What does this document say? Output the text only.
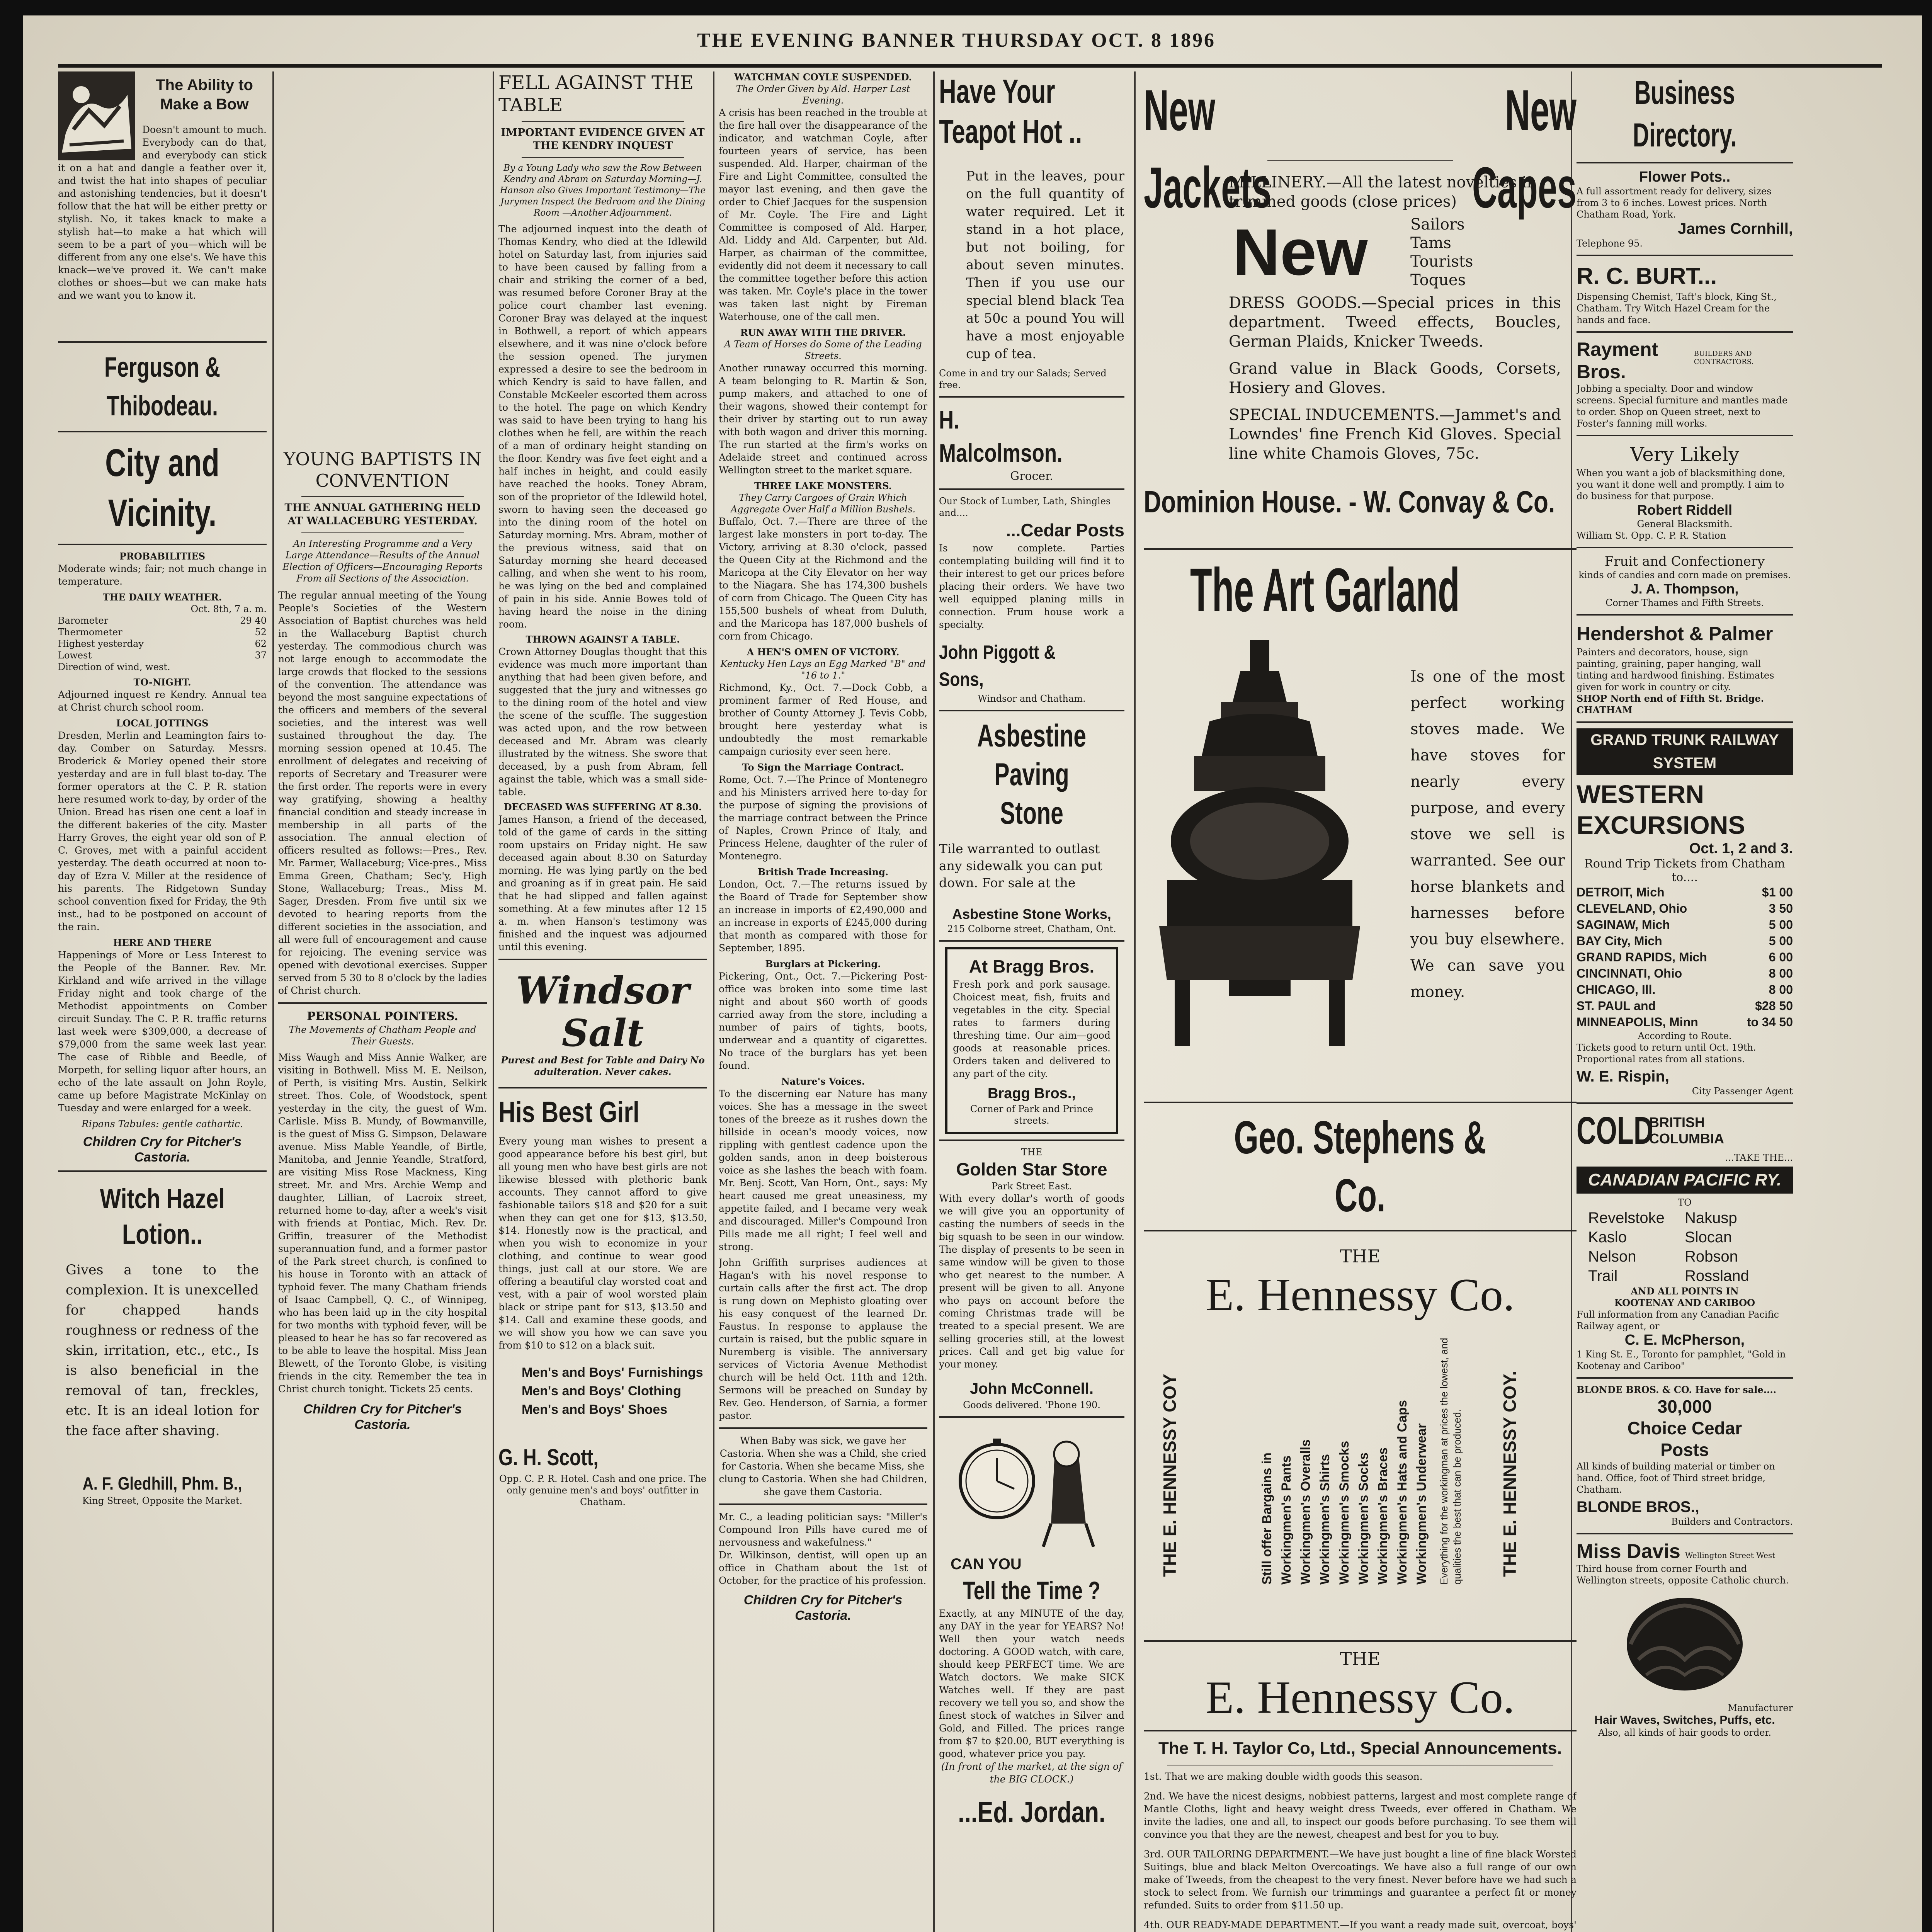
THE EVENING BANNER THURSDAY OCT. 8 1896
The Ability to Make a Bow
Doesn't amount to much. Everybody can do that, and everybody can stick it on a hat and dangle a feather over it, and twist the hat into shapes of peculiar and astonishing tendencies, but it doesn't follow that the hat will be either pretty or stylish. No, it takes knack to make a stylish hat—to make a hat which will seem to be a part of you—which will be different from any one else's. We have this knack—we've proved it. We can't make clothes or shoes—but we can make hats and we want you to know it.
Ferguson & Thibodeau.
City and Vicinity.
PROBABILITIES
Moderate winds; fair; not much change in temperature.
THE DAILY WEATHER.
Oct. 8th, 7 a. m.
Barometer	29 40
Thermometer	52
Highest yesterday	62
Lowest	37
Direction of wind, west.
TO-NIGHT.
Adjourned inquest re Kendry. Annual tea at Christ church school room.
LOCAL JOTTINGS
Dresden, Merlin and Leamington fairs to-day. Comber on Saturday. Messrs. Broderick & Morley opened their store yesterday and are in full blast to-day. The former operators at the C. P. R. station here resumed work to-day, by order of the Union. Bread has risen one cent a loaf in the different bakeries of the city. Master Harry Groves, the eight year old son of P. C. Groves, met with a painful accident yesterday. The death occurred at noon to-day of Ezra V. Miller at the residence of his parents. The Ridgetown Sunday school convention fixed for Friday, the 9th inst., had to be postponed on account of the rain.
HERE AND THERE
Happenings of More or Less Interest to the People of the Banner. Rev. Mr. Kirkland and wife arrived in the village Friday night and took charge of the Methodist appointments on Comber circuit Sunday. The C. P. R. traffic returns last week were $309,000, a decrease of $79,000 from the same week last year. The case of Ribble and Beedle, of Morpeth, for selling liquor after hours, an echo of the late assault on John Royle, came up before Magistrate McKinlay on Tuesday and were enlarged for a week.
Ripans Tabules: gentle cathartic.
Children Cry for Pitcher's Castoria.
Witch Hazel Lotion..
Gives a tone to the complexion. It is unexcelled for chapped hands roughness or redness of the skin, irritation, etc., etc., Is is also beneficial in the removal of tan, freckles, etc. It is an ideal lotion for the face after shaving.
A. F. Gledhill, Phm. B.,
King Street, Opposite the Market.
YOUNG BAPTISTS IN CONVENTION
THE ANNUAL GATHERING HELD AT WALLACEBURG YESTERDAY.
An Interesting Programme and a Very Large Attendance—Results of the Annual Election of Officers—Encouraging Reports From all Sections of the Association.
The regular annual meeting of the Young People's Societies of the Western Association of Baptist churches was held in the Wallaceburg Baptist church yesterday. The commodious church was not large enough to accommodate the large crowds that flocked to the sessions of the convention. The attendance was beyond the most sanguine expectations of the officers and members of the several societies, and the interest was well sustained throughout the day. The morning session opened at 10.45. The enrollment of delegates and receiving of reports of Secretary and Treasurer were the first order. The reports were in every way gratifying, showing a healthy financial condition and steady increase in membership in all parts of the association. The annual election of officers resulted as follows:—Pres., Rev. Mr. Farmer, Wallaceburg; Vice-pres., Miss Emma Green, Chatham; Sec'y, High Stone, Wallaceburg; Treas., Miss M. Sager, Dresden. From five until six we devoted to hearing reports from the different societies in the association, and all were full of encouragement and cause for rejoicing. The evening service was opened with devotional exercises. Supper served from 5 30 to 8 o'clock by the ladies of Christ church.
PERSONAL POINTERS.
The Movements of Chatham People and Their Guests.
Miss Waugh and Miss Annie Walker, are visiting in Bothwell. Miss M. E. Neilson, of Perth, is visiting Mrs. Austin, Selkirk street. Thos. Cole, of Woodstock, spent yesterday in the city, the guest of Wm. Carlisle. Miss B. Mundy, of Bowmanville, is the guest of Miss G. Simpson, Delaware avenue. Miss Mable Yeandle, of Birtle, Manitoba, and Jennie Yeandle, Stratford, are visiting Miss Rose Mackness, King street. Mr. and Mrs. Archie Wemp and daughter, Lillian, of Lacroix street, returned home to-day, after a week's visit with friends at Pontiac, Mich. Rev. Dr. Griffin, treasurer of the Methodist superannuation fund, and a former pastor of the Park street church, is confined to his house in Toronto with an attack of typhoid fever. The many Chatham friends of Isaac Campbell, Q. C., of Winnipeg, who has been laid up in the city hospital for two months with typhoid fever, will be pleased to hear he has so far recovered as to be able to leave the hospital. Miss Jean Blewett, of the Toronto Globe, is visiting friends in the city. Remember the tea in Christ church tonight. Tickets 25 cents.
Children Cry for Pitcher's Castoria.
FELL AGAINST THE TABLE
IMPORTANT EVIDENCE GIVEN AT THE KENDRY INQUEST
By a Young Lady who saw the Row Between Kendry and Abram on Saturday Morning—J. Hanson also Gives Important Testimony—The Jurymen Inspect the Bedroom and the Dining Room —Another Adjournment.
The adjourned inquest into the death of Thomas Kendry, who died at the Idlewild hotel on Saturday last, from injuries said to have been caused by falling from a chair and striking the corner of a bed, was resumed before Coroner Bray at the police court chamber last evening. Coroner Bray was delayed at the inquest in Bothwell, a report of which appears elsewhere, and it was nine o'clock before the session opened. The jurymen expressed a desire to see the bedroom in which Kendry is said to have fallen, and Constable McKeeler escorted them across to the hotel. The page on which Kendry was said to have been trying to hang his clothes when he fell, are within the reach of a man of ordinary height standing on the floor. Kendry was five feet eight and a half inches in height, and could easily have reached the hooks. Toney Abram, son of the proprietor of the Idlewild hotel, sworn to having seen the deceased go into the dining room of the hotel on Saturday morning. Mrs. Abram, mother of the previous witness, said that on Saturday morning she heard deceased calling, and when she went to his room, he was lying on the bed and complained of pain in his side. Annie Bowes told of having heard the noise in the dining room.
THROWN AGAINST A TABLE.
Crown Attorney Douglas thought that this evidence was much more important than anything that had been given before, and suggested that the jury and witnesses go to the dining room of the hotel and view the scene of the scuffle. The suggestion was acted upon, and the row between deceased and Mr. Abram was clearly illustrated by the witness. She swore that deceased, by a push from Abram, fell against the table, which was a small side-table.
DECEASED WAS SUFFERING AT 8.30.
James Hanson, a friend of the deceased, told of the game of cards in the sitting room upstairs on Friday night. He saw deceased again about 8.30 on Saturday morning. He was lying partly on the bed and groaning as if in great pain. He said that he had slipped and fallen against something. At a few minutes after 12 15 a. m. when Hanson's testimony was finished and the inquest was adjourned until this evening.
Windsor Salt
Purest and Best for Table and Dairy No adulteration. Never cakes.
His Best Girl
Every young man wishes to present a good appearance before his best girl, but all young men who have best girls are not likewise blessed with plethoric bank accounts. They cannot afford to give fashionable tailors $18 and $20 for a suit when they can get one for $13, $13.50, $14. Honestly now is the practical, and when you wish to economize in your clothing, and continue to wear good things, just call at our store. We are offering a beautiful clay worsted coat and vest, with a pair of wool worsted plain black or stripe pant for $13, $13.50 and $14. Call and examine these goods, and we will show you how we can save you from $10 to $12 on a black suit.
Men's and Boys' Furnishings
Men's and Boys' Clothing
Men's and Boys' Shoes
G. H. Scott,
Opp. C. P. R. Hotel. Cash and one price. The only genuine men's and boys' outfitter in Chatham.
WATCHMAN COYLE SUSPENDED.
The Order Given by Ald. Harper Last Evening.
A crisis has been reached in the trouble at the fire hall over the disappearance of the indicator, and watchman Coyle, after fourteen years of service, has been suspended. Ald. Harper, chairman of the Fire and Light Committee, consulted the mayor last evening, and then gave the order to Chief Jacques for the suspension of Mr. Coyle. The Fire and Light Committee is composed of Ald. Harper, Ald. Liddy and Ald. Carpenter, but Ald. Harper, as chairman of the committee, evidently did not deem it necessary to call the committee together before this action was taken. Mr. Coyle's place in the tower was taken last night by Fireman Waterhouse, one of the call men.
RUN AWAY WITH THE DRIVER.
A Team of Horses do Some of the Leading Streets.
Another runaway occurred this morning. A team belonging to R. Martin & Son, pump makers, and attached to one of their wagons, showed their contempt for their driver by starting out to run away with both wagon and driver this morning. The run started at the firm's works on Adelaide street and continued across Wellington street to the market square.
THREE LAKE MONSTERS.
They Carry Cargoes of Grain Which Aggregate Over Half a Million Bushels.
Buffalo, Oct. 7.—There are three of the largest lake monsters in port to-day. The Victory, arriving at 8.30 o'clock, passed the Queen City at the Richmond and the Maricopa at the City Elevator on her way to the Niagara. She has 174,300 bushels of corn from Chicago. The Queen City has 155,500 bushels of wheat from Duluth, and the Maricopa has 187,000 bushels of corn from Chicago.
A HEN'S OMEN OF VICTORY.
Kentucky Hen Lays an Egg Marked "B" and "16 to 1."
Richmond, Ky., Oct. 7.—Dock Cobb, a prominent farmer of Red House, and brother of County Attorney J. Tevis Cobb, brought here yesterday what is undoubtedly the most remarkable campaign curiosity ever seen here.
To Sign the Marriage Contract.
Rome, Oct. 7.—The Prince of Montenegro and his Ministers arrived here to-day for the purpose of signing the provisions of the marriage contract between the Prince of Naples, Crown Prince of Italy, and Princess Helene, daughter of the ruler of Montenegro.
British Trade Increasing.
London, Oct. 7.—The returns issued by the Board of Trade for September show an increase in imports of £2,490,000 and an increase in exports of £245,000 during that month as compared with those for September, 1895.
Burglars at Pickering.
Pickering, Ont., Oct. 7.—Pickering Post-office was broken into some time last night and about $60 worth of goods carried away from the store, including a number of pairs of tights, boots, underwear and a quantity of cigarettes. No trace of the burglars has yet been found.
Nature's Voices.
To the discerning ear Nature has many voices. She has a message in the sweet tones of the breeze as it rushes down the hillside in ocean's moody voices, now rippling with gentlest cadence upon the golden sands, anon in deep boisterous voice as she lashes the beach with foam. Mr. Benj. Scott, Van Horn, Ont., says: My heart caused me great uneasiness, my appetite failed, and I became very weak and discouraged. Miller's Compound Iron Pills made me all right; I feel well and strong.
John Griffith surprises audiences at Hagan's with his novel response to curtain calls after the first act. The drop is rung down on Mephisto gloating over his easy conquest of the learned Dr. Faustus. In response to applause the curtain is raised, but the public square in Nuremberg is visible. The anniversary services of Victoria Avenue Methodist church will be held Oct. 11th and 12th. Sermons will be preached on Sunday by Rev. Geo. Henderson, of Sarnia, a former pastor.
When Baby was sick, we gave her Castoria. When she was a Child, she cried for Castoria. When she became Miss, she clung to Castoria. When she had Children, she gave them Castoria.
Mr. C., a leading politician says: "Miller's Compound Iron Pills have cured me of nervousness and wakefulness."
Dr. Wilkinson, dentist, will open up an office in Chatham about the 1st of October, for the practice of his profession.
Children Cry for Pitcher's Castoria.
Have Your Teapot Hot ..
Put in the leaves, pour on the full quantity of water required. Let it stand in a hot place, but not boiling, for about seven minutes. Then if you use our special blend black Tea at 50c a pound You will have a most enjoyable cup of tea.
Come in and try our Salads; Served free.
H. Malcolmson.
Grocer.
Our Stock of Lumber, Lath, Shingles and....
...Cedar Posts
Is now complete. Parties contemplating building will find it to their interest to get our prices before placing their orders. We have two well equipped planing mills in connection. Frum house work a specialty.
John Piggott & Sons,
Windsor and Chatham.
Asbestine Paving Stone
Tile warranted to outlast any sidewalk you can put down. For sale at the
Asbestine Stone Works,
215 Colborne street, Chatham, Ont.
At Bragg Bros.
Fresh pork and pork sausage. Choicest meat, fish, fruits and vegetables in the city. Special rates to farmers during threshing time. Our aim—good goods at reasonable prices. Orders taken and delivered to any part of the city.
Bragg Bros.,
Corner of Park and Prince streets.
THE
Golden Star Store
Park Street East.
With every dollar's worth of goods we will give you an opportunity of casting the numbers of seeds in the big squash to be seen in our window. The display of presents to be seen in same window will be given to those who get nearest to the number. A present will be given to all. Anyone who pays on account before the coming Christmas trade will be treated to a special present. We are selling groceries still, at the lowest prices. Call and get big value for your money.
John McConnell.
Goods delivered. 'Phone 190.
CAN YOU
Tell the Time ?
Exactly, at any MINUTE of the day, any DAY in the year for YEARS? No! Well then your watch needs doctoring. A GOOD watch, with care, should keep PERFECT time. We are Watch doctors. We make SICK Watches well. If they are past recovery we tell you so, and show the finest stock of watches in Silver and Gold, and Filled. The prices range from $7 to $20.00, BUT everything is good, whatever price you pay.
(In front of the market, at the sign of the BIG CLOCK.)
...Ed. Jordan.
New Jackets
New Capes
MILLINERY.—All the latest novelties in trimmed goods (close prices)
New	Sailors
Tams
Tourists
Toques
DRESS GOODS.—Special prices in this department. Tweed effects, Boucles, German Plaids, Knicker Tweeds.
Grand value in Black Goods, Corsets, Hosiery and Gloves.
SPECIAL INDUCEMENTS.—Jammet's and Lowndes' fine French Kid Gloves. Special line white Chamois Gloves, 75c.
Dominion House. - W. Convay & Co.
The Art Garland
Is one of the most perfect working stoves made. We have stoves for nearly every purpose, and every stove we sell is warranted. See our horse blankets and harnesses before you buy elsewhere. We can save you money.
Geo. Stephens & Co.
THE
E. Hennessy Co.
THE E. HENNESSY COY	THE E. HENNESSY COY.
Still offer Bargains in Workingmen's Pants Workingmen's Overalls Workingmen's Shirts Workingmen's Smocks Workingmen's Socks Workingmen's Braces Workingmen's Hats and Caps Workingmen's Underwear Everything for the workingman at prices the lowest, and qualities the best that can be produced.
THE
E. Hennessy Co.
The T. H. Taylor Co, Ltd., Special Announcements.
1st. That we are making double width goods this season.
2nd. We have the nicest designs, nobbiest patterns, largest and most complete range of Mantle Cloths, light and heavy weight dress Tweeds, ever offered in Chatham. We invite the ladies, one and all, to inspect our goods before purchasing. To see them will convince you that they are the newest, cheapest and best for you to buy.
3rd. OUR TAILORING DEPARTMENT.—We have just bought a line of fine black Worsted Suitings, blue and black Melton Overcoatings. We have also a full range of our own make of Tweeds, from the cheapest to the very finest. Never before have we had such a stock to select from. We furnish our trimmings and guarantee a perfect fit or money refunded. Suits to order from $11.50 up.
4th. OUR READY-MADE DEPARTMENT.—If you want a ready made suit, overcoat, boys'
Business Directory.
Flower Pots..
A full assortment ready for delivery, sizes from 3 to 6 inches. Lowest prices. North Chatham Road, York.
James Cornhill,
Telephone 95.
R. C. BURT...
Dispensing Chemist, Taft's block, King St., Chatham. Try Witch Hazel Cream for the hands and face.
Rayment Bros.
BUILDERS AND CONTRACTORS.
Jobbing a specialty. Door and window screens. Special furniture and mantles made to order. Shop on Queen street, next to Foster's fanning mill works.
Very Likely
When you want a job of blacksmithing done, you want it done well and promptly. I aim to do business for that purpose.
Robert Riddell
General Blacksmith.
William St. Opp. C. P. R. Station
Fruit and Confectionery
kinds of candies and corn made on premises.
J. A. Thompson,
Corner Thames and Fifth Streets.
Hendershot & Palmer
Painters and decorators, house, sign painting, graining, paper hanging, wall tinting and hardwood finishing. Estimates given for work in country or city.
SHOP North end of Fifth St. Bridge. CHATHAM
GRAND TRUNK RAILWAY SYSTEM
WESTERN EXCURSIONS
Oct. 1, 2 and 3.
Round Trip Tickets from Chatham to....
DETROIT, Mich	$1 00
CLEVELAND, Ohio	3 50
SAGINAW, Mich	5 00
BAY City, Mich	5 00
GRAND RAPIDS, Mich	6 00
CINCINNATI, Ohio	8 00
CHICAGO, Ill.	8 00
ST. PAUL and	$28 50
MINNEAPOLIS, Minn	to 34 50
According to Route.
Tickets good to return until Oct. 19th. Proportional rates from all stations.
W. E. Rispin,
City Passenger Agent
COLD
BRITISH COLUMBIA
...TAKE THE...
CANADIAN PACIFIC RY.
TO
Revelstoke	Nakusp
Kaslo	Slocan
Nelson	Robson
Trail	Rossland
AND ALL POINTS IN
KOOTENAY AND CARIBOO
Full information from any Canadian Pacific Railway agent, or
C. E. McPherson,
1 King St. E., Toronto for pamphlet, "Gold in Kootenay and Cariboo"
BLONDE BROS. & CO. Have for sale....
30,000 Choice Cedar Posts
All kinds of building material or timber on hand. Office, foot of Third street bridge, Chatham.
BLONDE BROS.,
Builders and Contractors.
Miss Davis Wellington Street West
Third house from corner Fourth and Wellington streets, opposite Catholic church.
Manufacturer
Hair Waves, Switches, Puffs, etc.
Also, all kinds of hair goods to order.
